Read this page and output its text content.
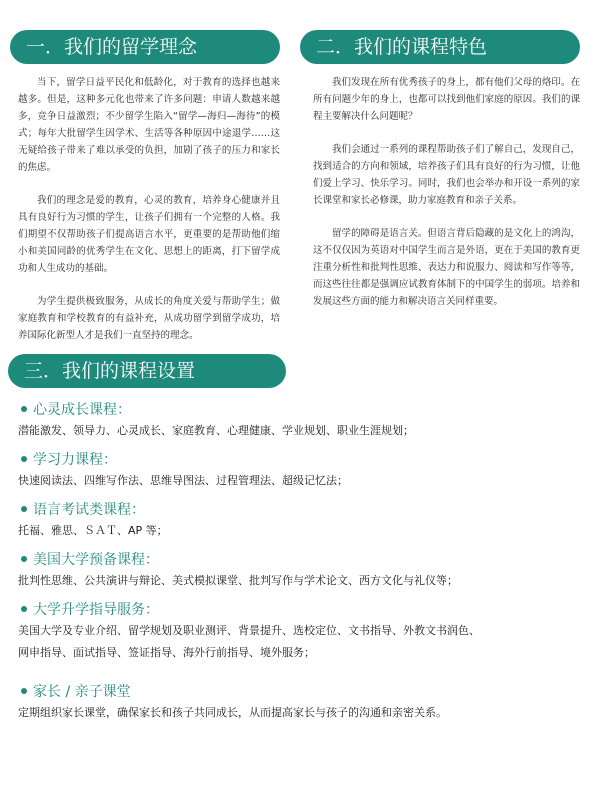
一．我们的留学理念	二．我们的课程特色

当下，留学日益平民化和低龄化，对于教育的选择也越来越多。但是，这种多元化也带来了许多问题：申请人数越来越多，竞争日益激烈；不少留学生陷入“留学—海归—海待”的模式；每年大批留学生因学术、生活等各种原因中途退学……这无疑给孩子带来了难以承受的负担，加剧了孩子的压力和家长的焦虑。

我们的理念是爱的教育，心灵的教育，培养身心健康并且具有良好行为习惯的学生，让孩子们拥有一个完整的人格。我们期望不仅帮助孩子们提高语言水平，更重要的是帮助他们缩小和美国同龄的优秀学生在文化、思想上的距离，打下留学成功和人生成功的基础。

为学生提供极致服务，从成长的角度关爱与帮助学生；做家庭教育和学校教育的有益补充，从成功留学到留学成功，培养国际化新型人才是我们一直坚持的理念。

我们发现在所有优秀孩子的身上，都有他们父母的烙印。在所有问题少年的身上，也都可以找到他们家庭的原因。我们的课程主要解决什么问题呢？

我们会通过一系列的课程帮助孩子们了解自己，发现自己，找到适合的方向和领域，培养孩子们具有良好的行为习惯，让他们爱上学习、快乐学习。同时，我们也会举办和开设一系列的家长课堂和家长必修课，助力家庭教育和亲子关系。

留学的障碍是语言关。但语言背后隐藏的是文化上的鸿沟，这不仅仅因为英语对中国学生而言是外语，更在于美国的教育更注重分析性和批判性思维、表达力和说服力、阅读和写作等等，而这些往往都是强调应试教育体制下的中国学生的弱项。培养和发展这些方面的能力和解决语言关同样重要。

三．我们的课程设置
心灵成长课程：
潜能激发、领导力、心灵成长、家庭教育、心理健康、学业规划、职业生涯规划；
学习力课程：
快速阅读法、四维写作法、思维导图法、过程管理法、超级记忆法；
语言考试类课程：
托福、雅思、ＳＡＴ、AP 等；
美国大学预备课程：
批判性思维、公共演讲与辩论、美式模拟课堂、批判写作与学术论文、西方文化与礼仪等；
大学升学指导服务：
美国大学及专业介绍、留学规划及职业测评、背景提升、选校定位、文书指导、外教文书润色、
网申指导、面试指导、签证指导、海外行前指导、境外服务；
家长 / 亲子课堂
定期组织家长课堂，确保家长和孩子共同成长，从而提高家长与孩子的沟通和亲密关系。
